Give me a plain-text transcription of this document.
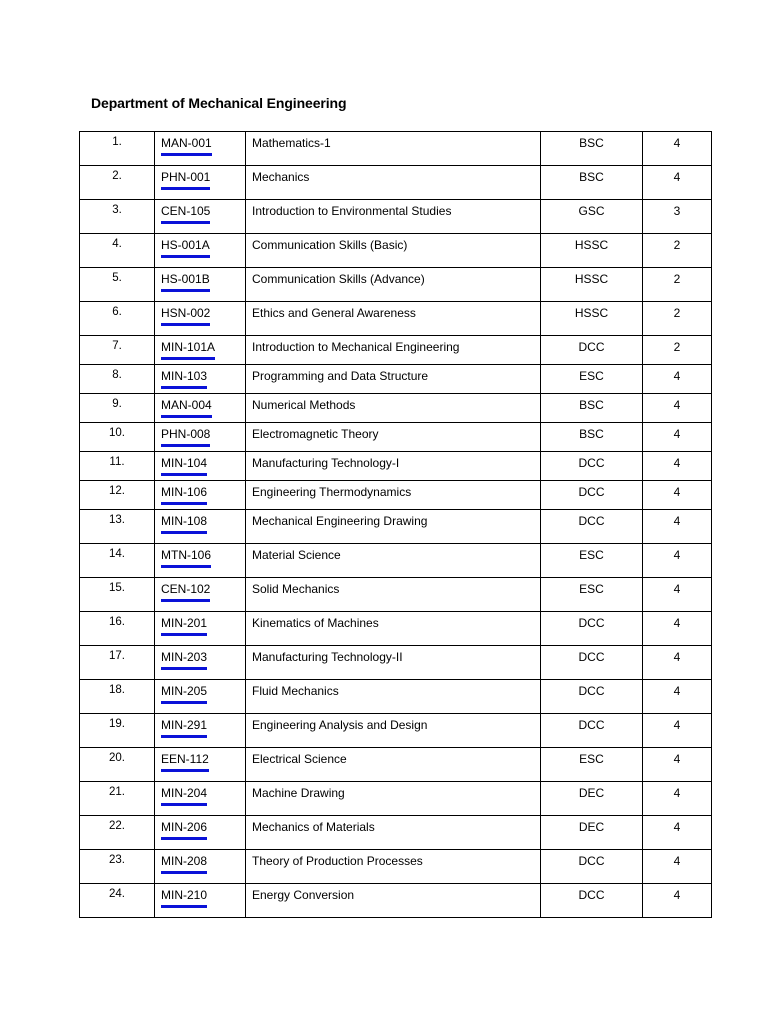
Department of Mechanical Engineering
1.	MAN-001	Mathematics-1	BSC	4

2.	PHN-001	Mechanics	BSC	4

3.	CEN-105	Introduction to Environmental Studies	GSC	3

4.	HS-001A	Communication Skills (Basic)	HSSC	2

5.	HS-001B	Communication Skills (Advance)	HSSC	2

6.	HSN-002	Ethics and General Awareness	HSSC	2

7.	MIN-101A	Introduction to Mechanical Engineering	DCC	2

8.	MIN-103	Programming and Data Structure	ESC	4

9.	MAN-004	Numerical Methods	BSC	4

10.	PHN-008	Electromagnetic Theory	BSC	4

11.	MIN-104	Manufacturing Technology-I	DCC	4

12.	MIN-106	Engineering Thermodynamics	DCC	4

13.	MIN-108	Mechanical Engineering Drawing	DCC	4

14.	MTN-106	Material Science	ESC	4

15.	CEN-102	Solid Mechanics	ESC	4

16.	MIN-201	Kinematics of Machines	DCC	4

17.	MIN-203	Manufacturing Technology-II	DCC	4

18.	MIN-205	Fluid Mechanics	DCC	4

19.	MIN-291	Engineering Analysis and Design	DCC	4

20.	EEN-112	Electrical Science	ESC	4

21.	MIN-204	Machine Drawing	DEC	4

22.	MIN-206	Mechanics of Materials	DEC	4

23.	MIN-208	Theory of Production Processes	DCC	4

24.	MIN-210	Energy Conversion	DCC	4
